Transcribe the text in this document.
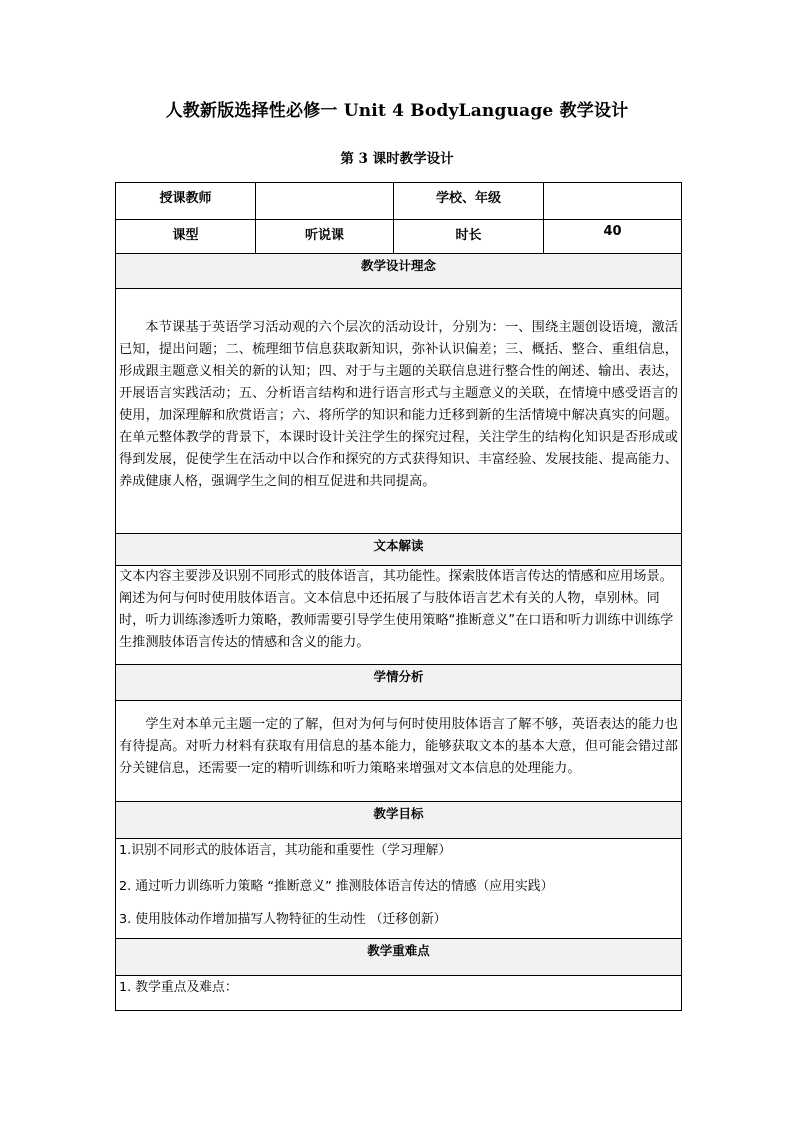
人教新版选择性必修一 Unit 4 BodyLanguage 教学设计
第 3 课时教学设计
授课教师		学校、年级	
课型	听说课	时长	40
教学设计理念			

本节课基于英语学习活动观的六个层次的活动设计，分别为：一、围绕主题创设语境，激活已知，提出问题；二、梳理细节信息获取新知识，弥补认识偏差；三、概括、整合、重组信息，形成跟主题意义相关的新的认知；四、对于与主题的关联信息进行整合性的阐述、输出、表达，开展语言实践活动；五、分析语言结构和进行语言形式与主题意义的关联，在情境中感受语言的使用，加深理解和欣赏语言；六、将所学的知识和能力迁移到新的生活情境中解决真实的问题。在单元整体教学的背景下，本课时设计关注学生的探究过程，关注学生的结构化知识是否形成或得到发展，促使学生在活动中以合作和探究的方式获得知识、丰富经验、发展技能、提高能力、养成健康人格，强调学生之间的相互促进和共同提高。			

文本解读			
文本内容主要涉及识别不同形式的肢体语言，其功能性。探索肢体语言传达的情感和应用场景。阐述为何与何时使用肢体语言。文本信息中还拓展了与肢体语言艺术有关的人物，卓别林。同时，听力训练渗透听力策略，教师需要引导学生使用策略“推断意义”在口语和听力训练中训练学生推测肢体语言传达的情感和含义的能力。			
学情分析			

学生对本单元主题一定的了解，但对为何与何时使用肢体语言了解不够，英语表达的能力也有待提高。对听力材料有获取有用信息的基本能力，能够获取文本的基本大意，但可能会错过部分关键信息，还需要一定的精听训练和听力策略来增强对文本信息的处理能力。			

教学目标			

1.识别不同形式的肢体语言，其功能和重要性（学习理解）
2. 通过听力训练听力策略 “推断意义” 推测肢体语言传达的情感（应用实践）
3. 使用肢体动作增加描写人物特征的生动性 （迁移创新）			

教学重难点			
1. 教学重点及难点：			
